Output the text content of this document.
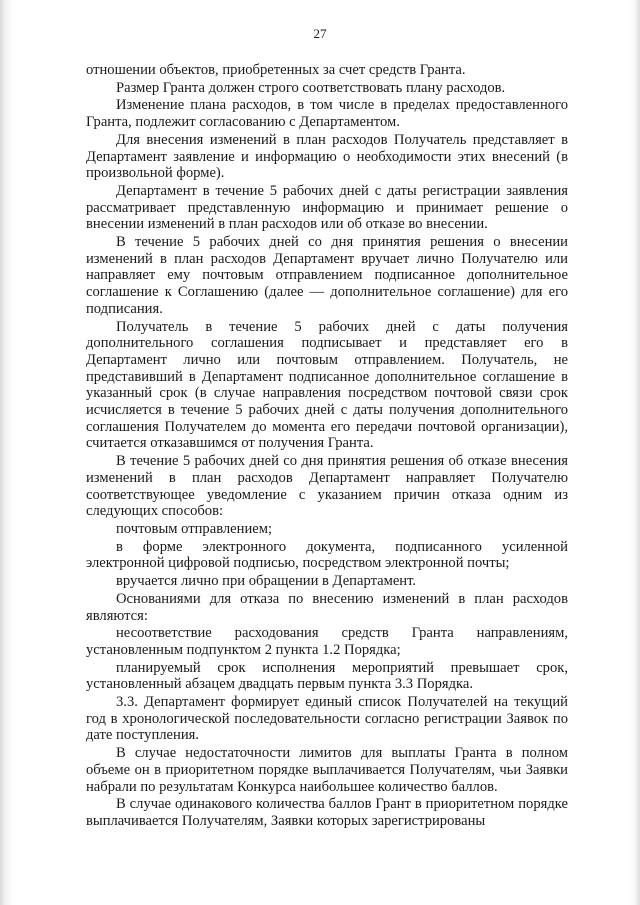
27

отношении объектов, приобретенных за счет средств Гранта.

Размер Гранта должен строго соответствовать плану расходов.

Изменение плана расходов, в том числе в пределах предоставленного Гранта, подлежит согласованию с Департаментом.

Для внесения изменений в план расходов Получатель представляет в Департамент заявление и информацию о необходимости этих внесений (в произвольной форме).

Департамент в течение 5 рабочих дней с даты регистрации заявления рассматривает представленную информацию и принимает решение о внесении изменений в план расходов или об отказе во внесении.

В течение 5 рабочих дней со дня принятия решения о внесении изменений в план расходов Департамент вручает лично Получателю или направляет ему почтовым отправлением подписанное дополнительное соглашение к Соглашению (далее — дополнительное соглашение) для его подписания.

Получатель в течение 5 рабочих дней с даты получения дополнительного соглашения подписывает и представляет его в Департамент лично или почтовым отправлением. Получатель, не представивший в Департамент подписанное дополнительное соглашение в указанный срок (в случае направления посредством почтовой связи срок исчисляется в течение 5 рабочих дней с даты получения дополнительного соглашения Получателем до момента его передачи почтовой организации), считается отказавшимся от получения Гранта.

В течение 5 рабочих дней со дня принятия решения об отказе внесения изменений в план расходов Департамент направляет Получателю соответствующее уведомление с указанием причин отказа одним из следующих способов:

почтовым отправлением;

в форме электронного документа, подписанного усиленной электронной цифровой подписью, посредством электронной почты;

вручается лично при обращении в Департамент.

Основаниями для отказа по внесению изменений в план расходов являются:

несоответствие расходования средств Гранта направлениям, установленным подпунктом 2 пункта 1.2 Порядка;

планируемый срок исполнения мероприятий превышает срок, установленный абзацем двадцать первым пункта 3.3 Порядка.

3.3. Департамент формирует единый список Получателей на текущий год в хронологической последовательности согласно регистрации Заявок по дате поступления.

В случае недостаточности лимитов для выплаты Гранта в полном объеме он в приоритетном порядке выплачивается Получателям, чьи Заявки набрали по результатам Конкурса наибольшее количество баллов.

В случае одинакового количества баллов Грант в приоритетном порядке выплачивается Получателям, Заявки которых зарегистрированы
